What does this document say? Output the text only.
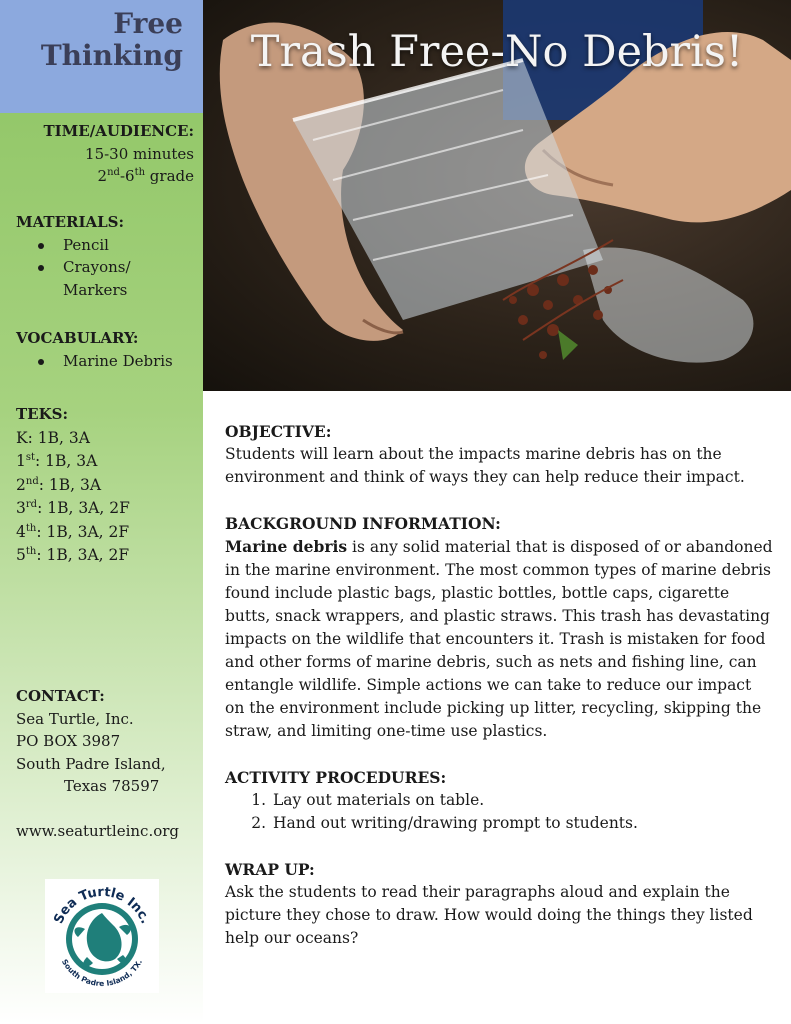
Free
Thinking

TIME/AUDIENCE:

15-30 minutes

2nd-6th grade

MATERIALS:

Pencil
Crayons/ Markers

VOCABULARY:

Marine Debris

TEKS:

K: 1B, 3A

1st: 1B, 3A

2nd: 1B, 3A

3rd: 1B, 3A, 2F

4th: 1B, 3A, 2F

5th: 1B, 3A, 2F

CONTACT:

Sea Turtle, Inc.

PO BOX 3987

South Padre Island,

Texas 78597

www.seaturtleinc.org

Sea Turtle Inc.
South Padre Island, TX.
Trash Free-No Debris!
OBJECTIVE:

Students will learn about the impacts marine debris has on the environment and think of ways they can help reduce their impact.

BACKGROUND INFORMATION:

Marine debris is any solid material that is disposed of or abandoned in the marine environment. The most common types of marine debris found include plastic bags, plastic bottles, bottle caps, cigarette butts, snack wrappers, and plastic straws. This trash has devastating impacts on the wildlife that encounters it. Trash is mistaken for food and other forms of marine debris, such as nets and fishing line, can entangle wildlife. Simple actions we can take to reduce our impact on the environment include picking up litter, recycling, skipping the straw, and limiting one-time use plastics.

ACTIVITY PROCEDURES:
1. Lay out materials on table.
2. Hand out writing/drawing prompt to students.
WRAP UP:

Ask the students to read their paragraphs aloud and explain the picture they chose to draw. How would doing the things they listed help our oceans?
